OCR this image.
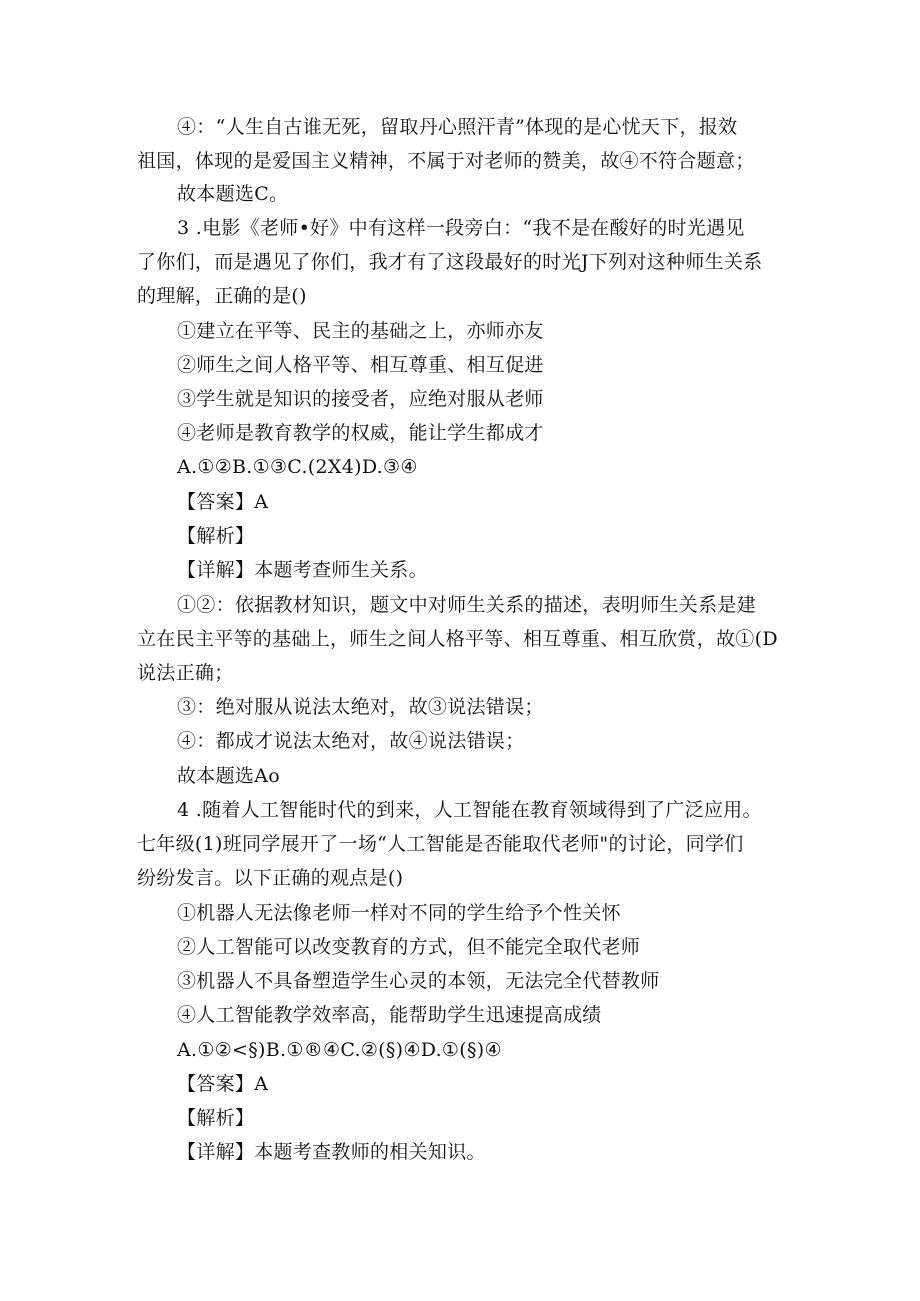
④：“人生自古谁无死，留取丹心照汗青”体现的是心忧天下，报效
祖国，体现的是爱国主义精神，不属于对老师的赞美，故④不符合题意；
故本题选C。
3 .电影《老师•好》中有这样一段旁白：“我不是在酸好的时光遇见
了你们，而是遇见了你们，我才有了这段最好的时光J下列对这种师生关系
的理解，正确的是()
①建立在平等、民主的基础之上，亦师亦友
②师生之间人格平等、相互尊重、相互促进
③学生就是知识的接受者，应绝对服从老师
④老师是教育教学的权威，能让学生都成才
A.①②B.①③C.(2X4)D.③④
【答案】A
【解析】
【详解】本题考查师生关系。
①②：依据教材知识，题文中对师生关系的描述，表明师生关系是建
立在民主平等的基础上，师生之间人格平等、相互尊重、相互欣赏，故①(D
说法正确；
③：绝对服从说法太绝对，故③说法错误；
④：都成才说法太绝对，故④说法错误；
故本题选Ao
4 .随着人工智能时代的到来，人工智能在教育领域得到了广泛应用。
七年级(1)班同学展开了一场“人工智能是否能取代老师"的讨论，同学们
纷纷发言。以下正确的观点是()
①机器人无法像老师一样对不同的学生给予个性关怀
②人工智能可以改变教育的方式，但不能完全取代老师
③机器人不具备塑造学生心灵的本领，无法完全代替教师
④人工智能教学效率高，能帮助学生迅速提高成绩
A.①②<§)B.①®④C.②(§)④D.①(§)④
【答案】A
【解析】
【详解】本题考查教师的相关知识。
